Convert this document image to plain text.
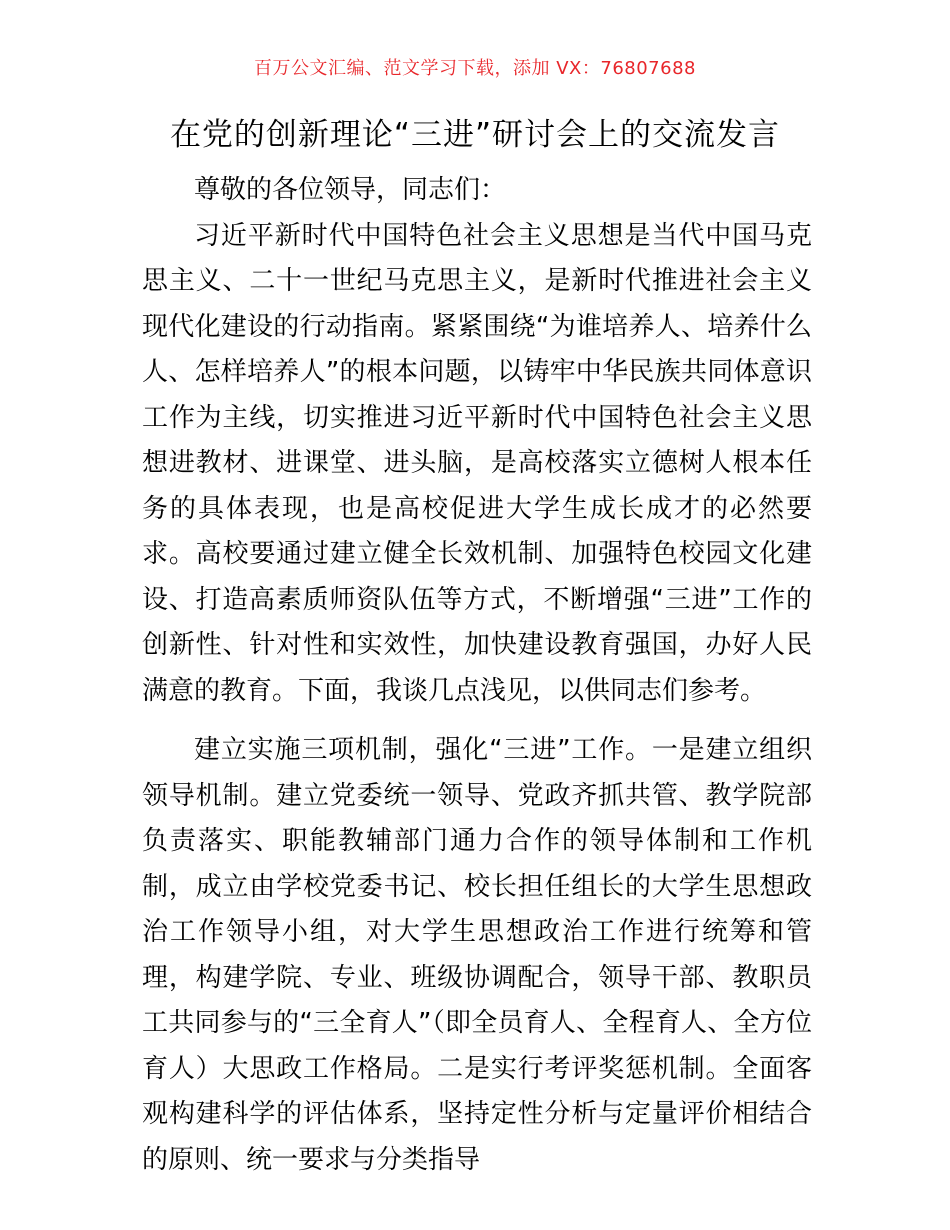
百万公文汇编、范文学习下载，添加 VX：76807688
在党的创新理论“三进”研讨会上的交流发言

尊敬的各位领导，同志们：

习近平新时代中国特色社会主义思想是当代中国马克思主义、二十一世纪马克思主义，是新时代推进社会主义现代化建设的行动指南。紧紧围绕“为谁培养人、培养什么人、怎样培养人”的根本问题，以铸牢中华民族共同体意识工作为主线，切实推进习近平新时代中国特色社会主义思想进教材、进课堂、进头脑，是高校落实立德树人根本任务的具体表现，也是高校促进大学生成长成才的必然要求。高校要通过建立健全长效机制、加强特色校园文化建设、打造高素质师资队伍等方式，不断增强“三进”工作的创新性、针对性和实效性，加快建设教育强国，办好人民满意的教育。下面，我谈几点浅见，以供同志们参考。

建立实施三项机制，强化“三进”工作。一是建立组织领导机制。建立党委统一领导、党政齐抓共管、教学院部负责落实、职能教辅部门通力合作的领导体制和工作机制，成立由学校党委书记、校长担任组长的大学生思想政治工作领导小组，对大学生思想政治工作进行统筹和管理，构建学院、专业、班级协调配合，领导干部、教职员工共同参与的“三全育人”（即全员育人、全程育人、全方位育人）大思政工作格局。二是实行考评奖惩机制。全面客观构建科学的评估体系，坚持定性分析与定量评价相结合的原则、统一要求与分类指导
